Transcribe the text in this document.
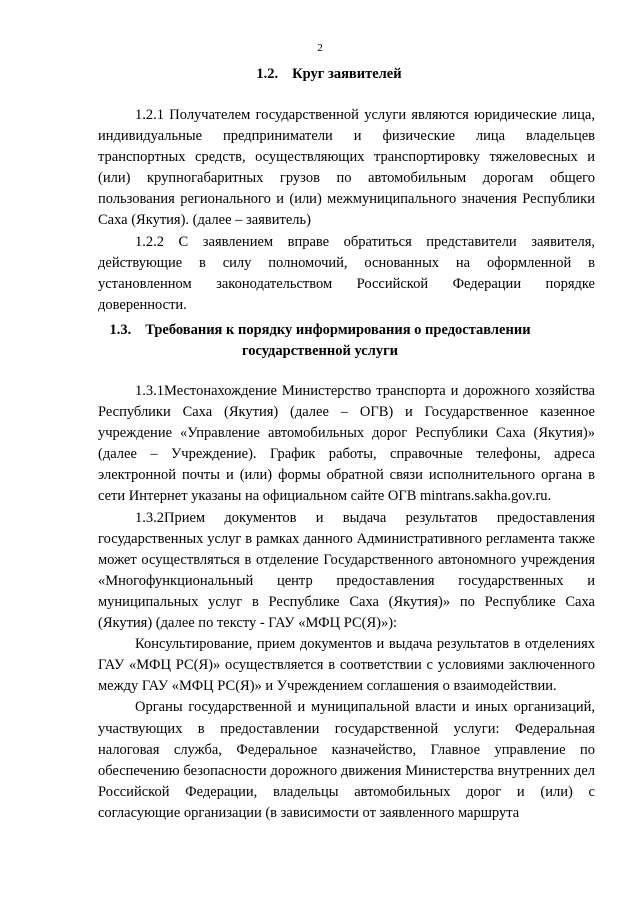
2
1.2. Круг заявителей

1.2.1 Получателем государственной услуги являются юридические лица, индивидуальные предприниматели и физические лица владельцев транспортных средств, осуществляющих транспортировку тяжеловесных и (или) крупногабаритных грузов по автомобильным дорогам общего пользования регионального и (или) межмуниципального значения Республики Саха (Якутия). (далее – заявитель)

1.2.2 С заявлением вправе обратиться представители заявителя, действующие в силу полномочий, основанных на оформленной в установленном законодательством Российской Федерации порядке доверенности.

1.3. Требования к порядку информирования о предоставлении
государственной услуги

1.3.1Местонахождение Министерство транспорта и дорожного хозяйства Республики Саха (Якутия) (далее – ОГВ) и Государственное казенное учреждение «Управление автомобильных дорог Республики Саха (Якутия)» (далее – Учреждение). График работы, справочные телефоны, адреса электронной почты и (или) формы обратной связи исполнительного органа в сети Интернет указаны на официальном сайте ОГВ mintrans.sakha.gov.ru.

1.3.2Прием документов и выдача результатов предоставления государственных услуг в рамках данного Административного регламента также может осуществляться в отделение Государственного автономного учреждения «Многофункциональный центр предоставления государственных и муниципальных услуг в Республике Саха (Якутия)» по Республике Саха (Якутия) (далее по тексту - ГАУ «МФЦ РС(Я)»):

Консультирование, прием документов и выдача результатов в отделениях ГАУ «МФЦ РС(Я)» осуществляется в соответствии с условиями заключенного между ГАУ «МФЦ РС(Я)» и Учреждением соглашения о взаимодействии.

Органы государственной и муниципальной власти и иных организаций, участвующих в предоставлении государственной услуги: Федеральная налоговая служба, Федеральное казначейство, Главное управление по обеспечению безопасности дорожного движения Министерства внутренних дел Российской Федерации, владельцы автомобильных дорог и (или) с согласующие организации (в зависимости от заявленного маршрута
